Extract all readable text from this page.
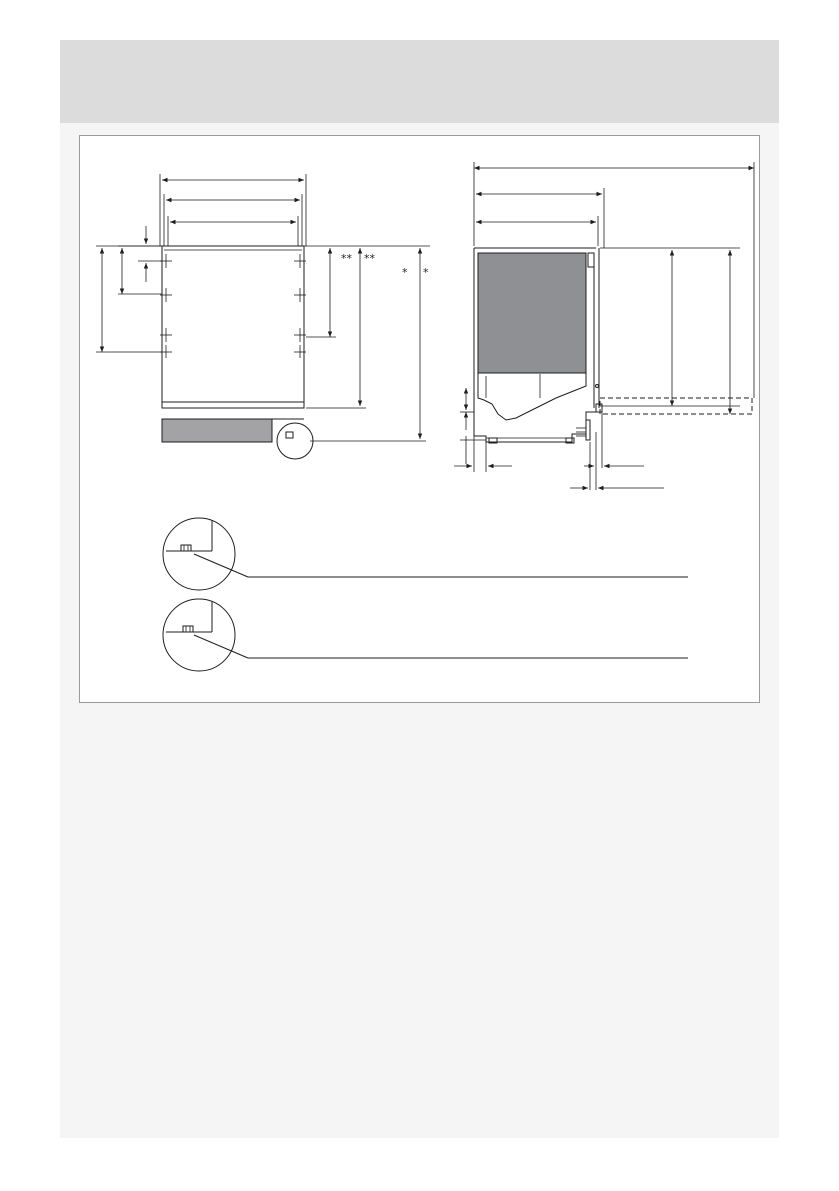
** **
* *
